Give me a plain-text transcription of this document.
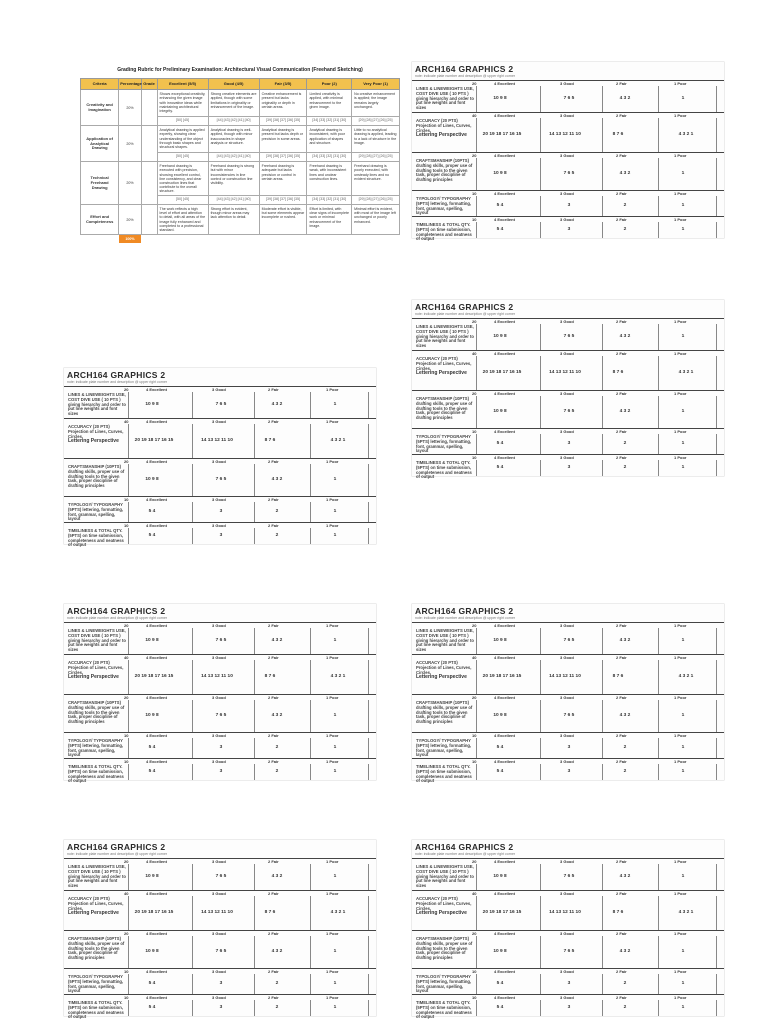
Grading Rubric for Preliminary Examination: Architectural Visual Communication (Freehand Sketching)
Criteria	Percentage	Grade	Excellent (5/5)	Good (4/5)	Fair (3/5)	Poor (2)	Very Poor (1)
Creativity and Imagination	20%		Shows exceptional creativity, enhancing the given image with innovative ideas while maintaining architectural integrity.	Strong creative elements are applied, though with some limitations in originality or enhancement of the image.	Creative enhancement is present but lacks originality or depth in certain areas.	Limited creativity is applied, with minimal enhancement to the given image.	No creative enhancement is applied; the image remains largely unchanged.
			[50] [45]	[44] [43] [42] [41] [40]	[39] [38] [37] [36] [35]	[34] [33] [32] [31] [30]	[29] [28] [27] [26] [25]
Application of Analytical Drawing	20%		Analytical drawing is applied expertly, showing clear understanding of the object through basic shapes and structural shapes.	Analytical drawing is well-applied, though with minor inaccuracies in shape analysis or structure.	Analytical drawing is present but lacks depth or precision in some areas.	Analytical drawing is inconsistent, with poor application of shapes and structure.	Little to no analytical drawing is applied, leading to a lack of structure in the image.
			[50] [45]	[44] [43] [42] [41] [40]	[39] [38] [37] [36] [35]	[34] [33] [32] [31] [30]	[29] [28] [27] [26] [25]
Technical Freehand Drawing	20%		Freehand drawing is executed with precision, showing excellent control, line consistency, and clear construction lines that contribute to the overall structure.	Freehand drawing is strong but with minor inconsistencies in line control or construction line visibility.	Freehand drawing is adequate but lacks precision or control in certain areas.	Freehand drawing is weak, with inconsistent lines and unclear construction lines.	Freehand drawing is poorly executed, with unsteady lines and no evident structure.
			[50] [45]	[44] [43] [42] [41] [40]	[39] [38] [37] [36] [35]	[34] [33] [32] [31] [30]	[29] [28] [27] [26] [25]
Effort and Completeness	20%		The work reflects a high level of effort and attention to detail, with all areas of the image fully enhanced and completed to a professional standard.	Strong effort is evident, though minor areas may lack attention to detail.	Moderate effort is visible, but some elements appear incomplete or rushed.	Effort is limited, with clear signs of incomplete work or minimal enhancement of the image.	Minimal effort is evident, with most of the image left unchanged or poorly enhanced.
	100%						
ARCH164 GRAPHICS 2
note: indicate plate number and description @ upper right corner
20	4 Excellent	3 Good	2 Fair	1 Poor
LINES & LINEWEIGHTS USE, COST DIVE USE ( 10 PTS ) giving hierarchy and order to put line weights and font sizes
10 9 8	7 6 5	4 3 2	1
40	4 Excellent	3 Good	2 Fair	1 Poor
ACCURACY (20 PTS) Projection of Lines, Curves, Circles,
Lettering Perspective	20 19 18 17 16 15	14 13 12 11 10	8 7 6	4 3 2 1
20	4 Excellent	3 Good	2 Fair	1 Poor
CRAFTSMANSHIP (10PTS) drafting skills, proper use of drafting tools to the given task, proper discipline of drafting principles
10 9 8	7 6 5	4 3 2	1
10	4 Excellent	3 Good	2 Fair	1 Poor
TYPOLOGY/ TYPOGRAPHY (5PTS) lettering, formatting, font, grammar, spelling, layout
5 4	3	2	1
10	4 Excellent	3 Good	2 Fair	1 Poor
TIMELINESS & TOTAL QTY. (5PTS) on time submission, completeness and neatness of output
5 4	3	2	1
ARCH164 GRAPHICS 2
note: indicate plate number and description @ upper right corner
20	4 Excellent	3 Good	2 Fair	1 Poor
LINES & LINEWEIGHTS USE, COST DIVE USE ( 10 PTS ) giving hierarchy and order to put line weights and font sizes
10 9 8	7 6 5	4 3 2	1
40	4 Excellent	3 Good	2 Fair	1 Poor
ACCURACY (20 PTS) Projection of Lines, Curves, Circles,
Lettering Perspective	20 19 18 17 16 15	14 13 12 11 10	8 7 6	4 3 2 1
20	4 Excellent	3 Good	2 Fair	1 Poor
CRAFTSMANSHIP (10PTS) drafting skills, proper use of drafting tools to the given task, proper discipline of drafting principles
10 9 8	7 6 5	4 3 2	1
10	4 Excellent	3 Good	2 Fair	1 Poor
TYPOLOGY/ TYPOGRAPHY (5PTS) lettering, formatting, font, grammar, spelling, layout
5 4	3	2	1
10	4 Excellent	3 Good	2 Fair	1 Poor
TIMELINESS & TOTAL QTY. (5PTS) on time submission, completeness and neatness of output
5 4	3	2	1
ARCH164 GRAPHICS 2
note: indicate plate number and description @ upper right corner
20	4 Excellent	3 Good	2 Fair	1 Poor
LINES & LINEWEIGHTS USE, COST DIVE USE ( 10 PTS ) giving hierarchy and order to put line weights and font sizes
10 9 8	7 6 5	4 3 2	1
40	4 Excellent	3 Good	2 Fair	1 Poor
ACCURACY (20 PTS) Projection of Lines, Curves, Circles,
Lettering Perspective	20 19 18 17 16 15	14 13 12 11 10	8 7 6	4 3 2 1
20	4 Excellent	3 Good	2 Fair	1 Poor
CRAFTSMANSHIP (10PTS) drafting skills, proper use of drafting tools to the given task, proper discipline of drafting principles
10 9 8	7 6 5	4 3 2	1
10	4 Excellent	3 Good	2 Fair	1 Poor
TYPOLOGY/ TYPOGRAPHY (5PTS) lettering, formatting, font, grammar, spelling, layout
5 4	3	2	1
10	4 Excellent	3 Good	2 Fair	1 Poor
TIMELINESS & TOTAL QTY. (5PTS) on time submission, completeness and neatness of output
5 4	3	2	1
ARCH164 GRAPHICS 2
note: indicate plate number and description @ upper right corner
20	4 Excellent	3 Good	2 Fair	1 Poor
LINES & LINEWEIGHTS USE, COST DIVE USE ( 10 PTS ) giving hierarchy and order to put line weights and font sizes
10 9 8	7 6 5	4 3 2	1
40	4 Excellent	3 Good	2 Fair	1 Poor
ACCURACY (20 PTS) Projection of Lines, Curves, Circles,
Lettering Perspective	20 19 18 17 16 15	14 13 12 11 10	8 7 6	4 3 2 1
20	4 Excellent	3 Good	2 Fair	1 Poor
CRAFTSMANSHIP (10PTS) drafting skills, proper use of drafting tools to the given task, proper discipline of drafting principles
10 9 8	7 6 5	4 3 2	1
10	4 Excellent	3 Good	2 Fair	1 Poor
TYPOLOGY/ TYPOGRAPHY (5PTS) lettering, formatting, font, grammar, spelling, layout
5 4	3	2	1
10	4 Excellent	3 Good	2 Fair	1 Poor
TIMELINESS & TOTAL QTY. (5PTS) on time submission, completeness and neatness of output
5 4	3	2	1
ARCH164 GRAPHICS 2
note: indicate plate number and description @ upper right corner
20	4 Excellent	3 Good	2 Fair	1 Poor
LINES & LINEWEIGHTS USE, COST DIVE USE ( 10 PTS ) giving hierarchy and order to put line weights and font sizes
10 9 8	7 6 5	4 3 2	1
40	4 Excellent	3 Good	2 Fair	1 Poor
ACCURACY (20 PTS) Projection of Lines, Curves, Circles,
Lettering Perspective	20 19 18 17 16 15	14 13 12 11 10	8 7 6	4 3 2 1
20	4 Excellent	3 Good	2 Fair	1 Poor
CRAFTSMANSHIP (10PTS) drafting skills, proper use of drafting tools to the given task, proper discipline of drafting principles
10 9 8	7 6 5	4 3 2	1
10	4 Excellent	3 Good	2 Fair	1 Poor
TYPOLOGY/ TYPOGRAPHY (5PTS) lettering, formatting, font, grammar, spelling, layout
5 4	3	2	1
10	4 Excellent	3 Good	2 Fair	1 Poor
TIMELINESS & TOTAL QTY. (5PTS) on time submission, completeness and neatness of output
5 4	3	2	1
ARCH164 GRAPHICS 2
note: indicate plate number and description @ upper right corner
20	4 Excellent	3 Good	2 Fair	1 Poor
LINES & LINEWEIGHTS USE, COST DIVE USE ( 10 PTS ) giving hierarchy and order to put line weights and font sizes
10 9 8	7 6 5	4 3 2	1
40	4 Excellent	3 Good	2 Fair	1 Poor
ACCURACY (20 PTS) Projection of Lines, Curves, Circles,
Lettering Perspective	20 19 18 17 16 15	14 13 12 11 10	8 7 6	4 3 2 1
20	4 Excellent	3 Good	2 Fair	1 Poor
CRAFTSMANSHIP (10PTS) drafting skills, proper use of drafting tools to the given task, proper discipline of drafting principles
10 9 8	7 6 5	4 3 2	1
10	4 Excellent	3 Good	2 Fair	1 Poor
TYPOLOGY/ TYPOGRAPHY (5PTS) lettering, formatting, font, grammar, spelling, layout
5 4	3	2	1
10	4 Excellent	3 Good	2 Fair	1 Poor
TIMELINESS & TOTAL QTY. (5PTS) on time submission, completeness and neatness of output
5 4	3	2	1
ARCH164 GRAPHICS 2
note: indicate plate number and description @ upper right corner
20	4 Excellent	3 Good	2 Fair	1 Poor
LINES & LINEWEIGHTS USE, COST DIVE USE ( 10 PTS ) giving hierarchy and order to put line weights and font sizes
10 9 8	7 6 5	4 3 2	1
40	4 Excellent	3 Good	2 Fair	1 Poor
ACCURACY (20 PTS) Projection of Lines, Curves, Circles,
Lettering Perspective	20 19 18 17 16 15	14 13 12 11 10	8 7 6	4 3 2 1
20	4 Excellent	3 Good	2 Fair	1 Poor
CRAFTSMANSHIP (10PTS) drafting skills, proper use of drafting tools to the given task, proper discipline of drafting principles
10 9 8	7 6 5	4 3 2	1
10	4 Excellent	3 Good	2 Fair	1 Poor
TYPOLOGY/ TYPOGRAPHY (5PTS) lettering, formatting, font, grammar, spelling, layout
5 4	3	2	1
10	4 Excellent	3 Good	2 Fair	1 Poor
TIMELINESS & TOTAL QTY. (5PTS) on time submission, completeness and neatness of output
5 4	3	2	1
